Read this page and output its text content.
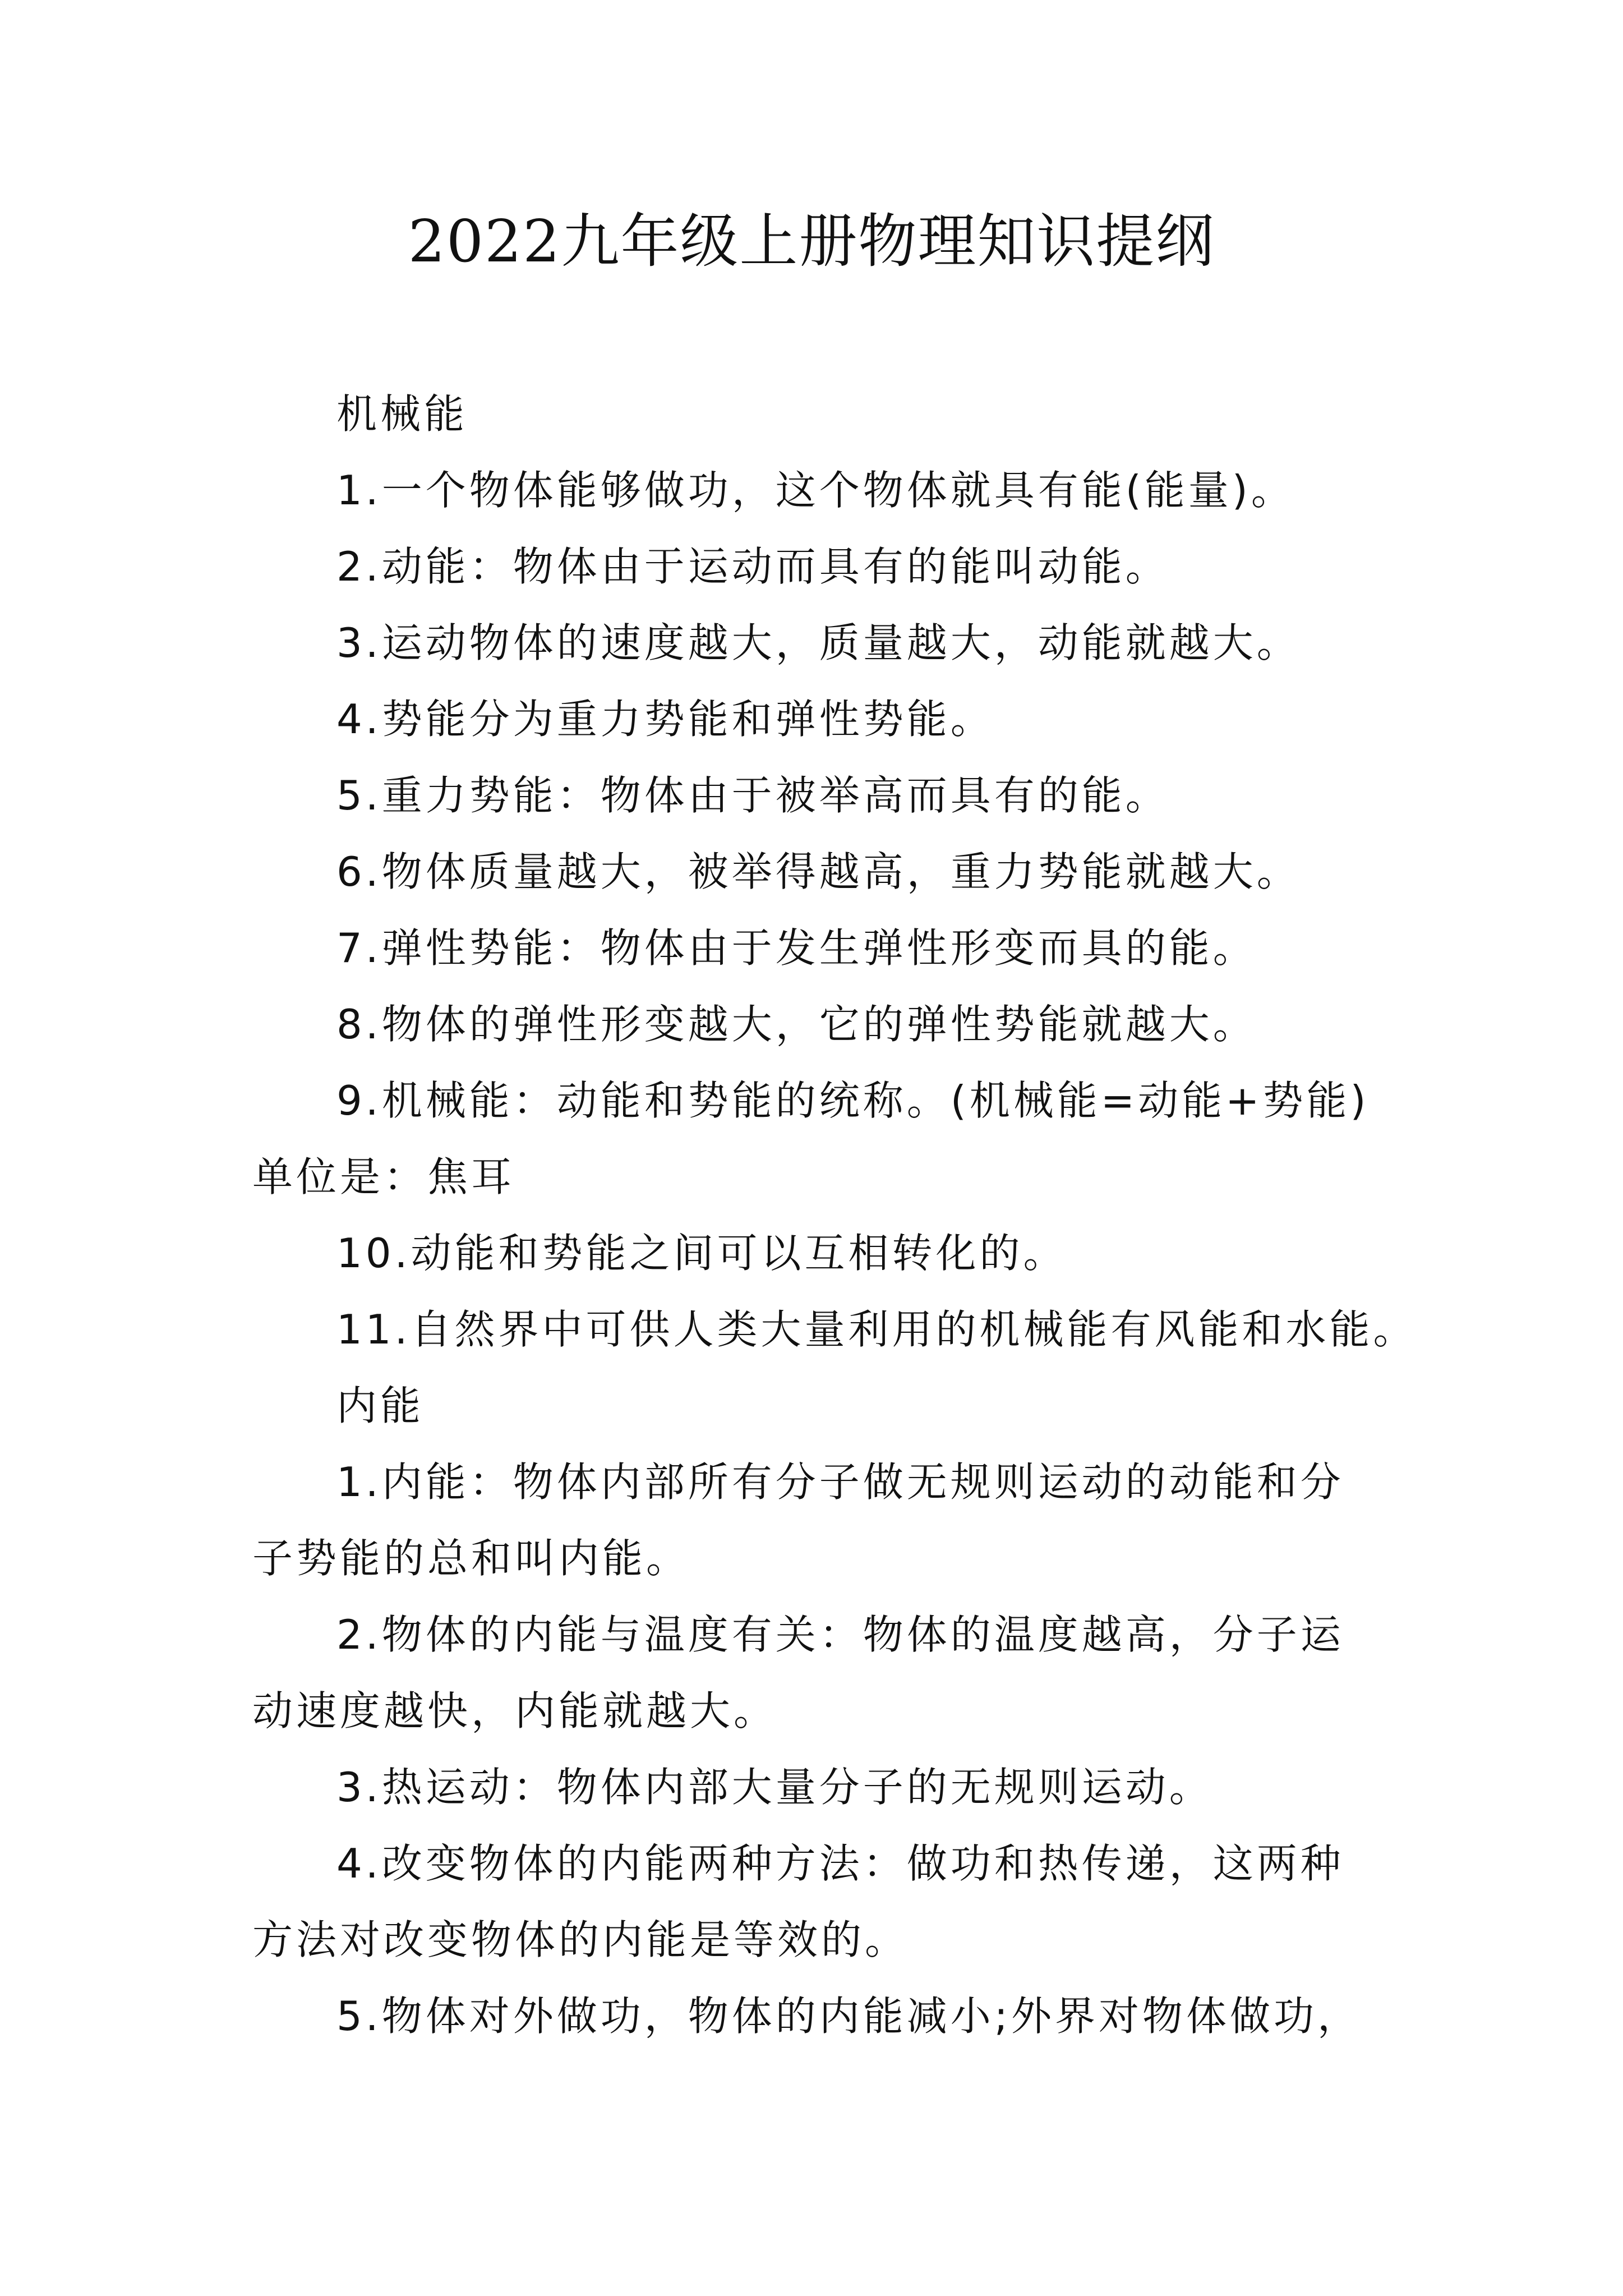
2022九年级上册物理知识提纲

机械能

1.一个物体能够做功，这个物体就具有能(能量)。

2.动能：物体由于运动而具有的能叫动能。

3.运动物体的速度越大，质量越大，动能就越大。

4.势能分为重力势能和弹性势能。

5.重力势能：物体由于被举高而具有的能。

6.物体质量越大，被举得越高，重力势能就越大。

7.弹性势能：物体由于发生弹性形变而具的能。

8.物体的弹性形变越大，它的弹性势能就越大。

9.机械能：动能和势能的统称。(机械能=动能+势能)单位是：焦耳

10.动能和势能之间可以互相转化的。

11.自然界中可供人类大量利用的机械能有风能和水能。

内能

1.内能：物体内部所有分子做无规则运动的动能和分子势能的总和叫内能。

2.物体的内能与温度有关：物体的温度越高，分子运动速度越快，内能就越大。

3.热运动：物体内部大量分子的无规则运动。

4.改变物体的内能两种方法：做功和热传递，这两种方法对改变物体的内能是等效的。

5.物体对外做功，物体的内能减小;外界对物体做功，
